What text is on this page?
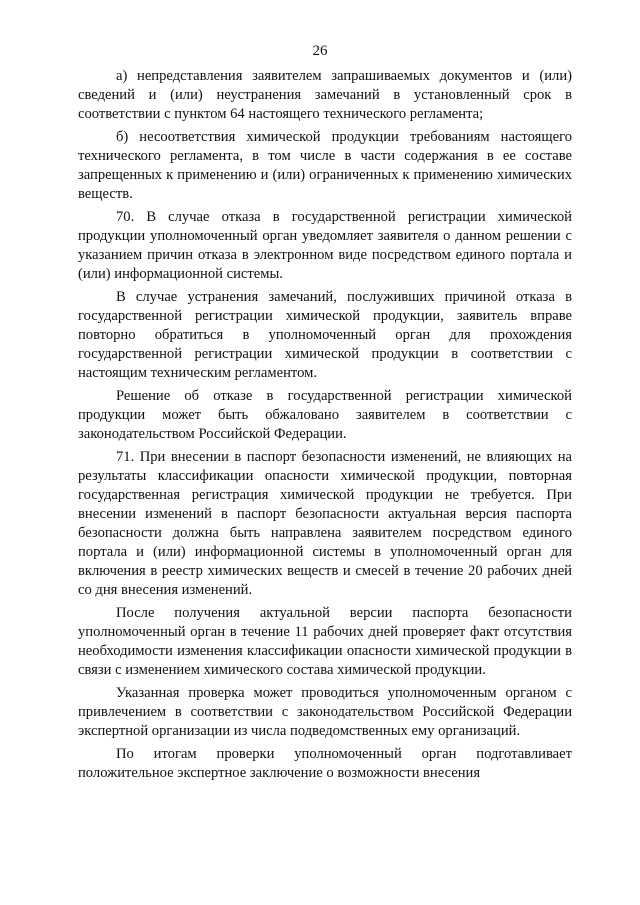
26

а) непредставления заявителем запрашиваемых документов и (или) сведений и (или) неустранения замечаний в установленный срок в соответствии с пунктом 64 настоящего технического регламента;

б) несоответствия химической продукции требованиям настоящего технического регламента, в том числе в части содержания в ее составе запрещенных к применению и (или) ограниченных к применению химических веществ.

70. В случае отказа в государственной регистрации химической продукции уполномоченный орган уведомляет заявителя о данном решении с указанием причин отказа в электронном виде посредством единого портала и (или) информационной системы.

В случае устранения замечаний, послуживших причиной отказа в государственной регистрации химической продукции, заявитель вправе повторно обратиться в уполномоченный орган для прохождения государственной регистрации химической продукции в соответствии с настоящим техническим регламентом.

Решение об отказе в государственной регистрации химической продукции может быть обжаловано заявителем в соответствии с законодательством Российской Федерации.

71. При внесении в паспорт безопасности изменений, не влияющих на результаты классификации опасности химической продукции, повторная государственная регистрация химической продукции не требуется. При внесении изменений в паспорт безопасности актуальная версия паспорта безопасности должна быть направлена заявителем посредством единого портала и (или) информационной системы в уполномоченный орган для включения в реестр химических веществ и смесей в течение 20 рабочих дней со дня внесения изменений.

После получения актуальной версии паспорта безопасности уполномоченный орган в течение 11 рабочих дней проверяет факт отсутствия необходимости изменения классификации опасности химической продукции в связи с изменением химического состава химической продукции.

Указанная проверка может проводиться уполномоченным органом с привлечением в соответствии с законодательством Российской Федерации экспертной организации из числа подведомственных ему организаций.

По итогам проверки уполномоченный орган подготавливает положительное экспертное заключение о возможности внесения
